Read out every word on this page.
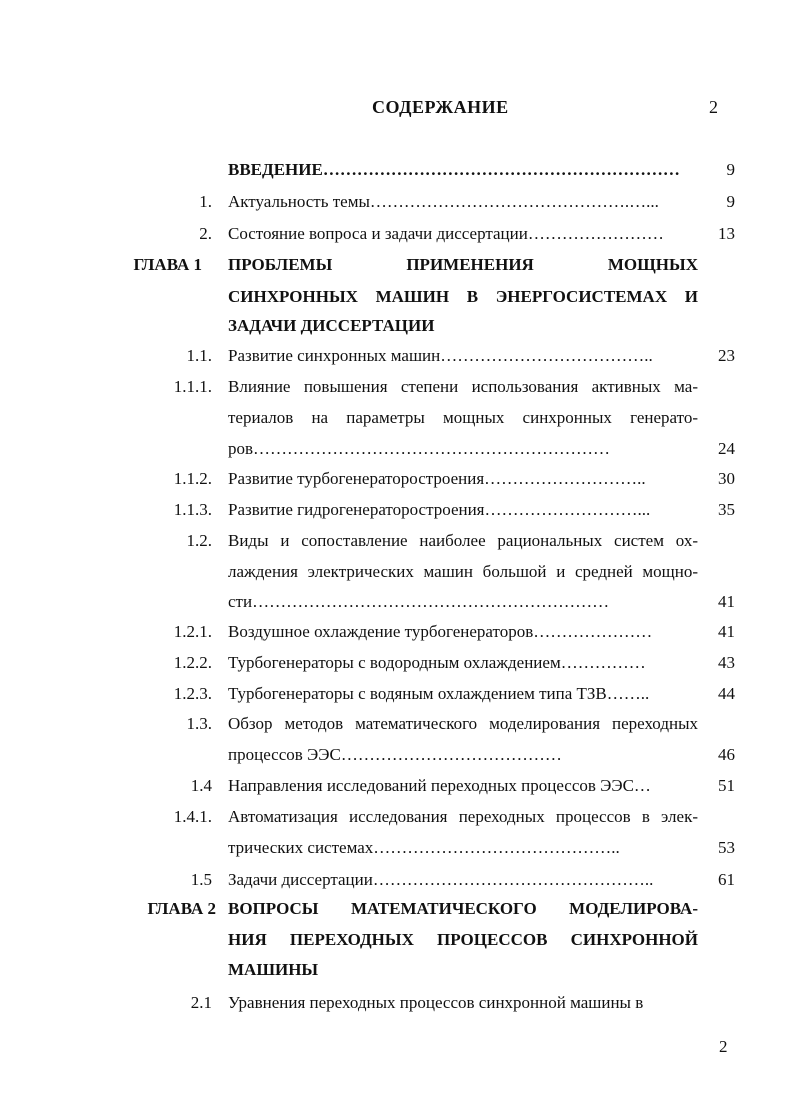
СОДЕРЖАНИЕ	2
ВВЕДЕНИЕ………………………………………………………	9
1. Актуальность темы……………………………………….…...	9
2. Состояние вопроса и задачи диссертации……………………	13
ГЛАВА 1 ПРОБЛЕМЫ ПРИМЕНЕНИЯ МОЩНЫХ
СИНХРОННЫХ МАШИН В ЭНЕРГОСИСТЕМАХ И
ЗАДАЧИ ДИССЕРТАЦИИ
1.1. Развитие синхронных машин………………………………..	23
1.1.1. Влияние повышения степени использования активных ма-
териалов на параметры мощных синхронных генерато-
ров………………………………………………………	24
1.1.2. Развитие турбогенераторостроения………………………..	30
1.1.3. Развитие гидрогенераторостроения………………………...	35
1.2. Виды и сопоставление наиболее рациональных систем ох-
лаждения электрических машин большой и средней мощно-
сти………………………………………………………	41
1.2.1. Воздушное охлаждение турбогенераторов…………………	41
1.2.2. Турбогенераторы с водородным охлаждением……………	43
1.2.3. Турбогенераторы с водяным охлаждением типа ТЗВ……..	44
1.3. Обзор методов математического моделирования переходных
процессов ЭЭС…………………………………	46
1.4 Направления исследований переходных процессов ЭЭС…	51
1.4.1. Автоматизация исследования переходных процессов в элек-
трических системах……………………………………..	53
1.5 Задачи диссертации…………………………………………..	61
ГЛАВА 2 ВОПРОСЫ МАТЕМАТИЧЕСКОГО МОДЕЛИРОВА-
НИЯ ПЕРЕХОДНЫХ ПРОЦЕССОВ СИНХРОННОЙ
МАШИНЫ
2.1 Уравнения переходных процессов синхронной машины в
2
